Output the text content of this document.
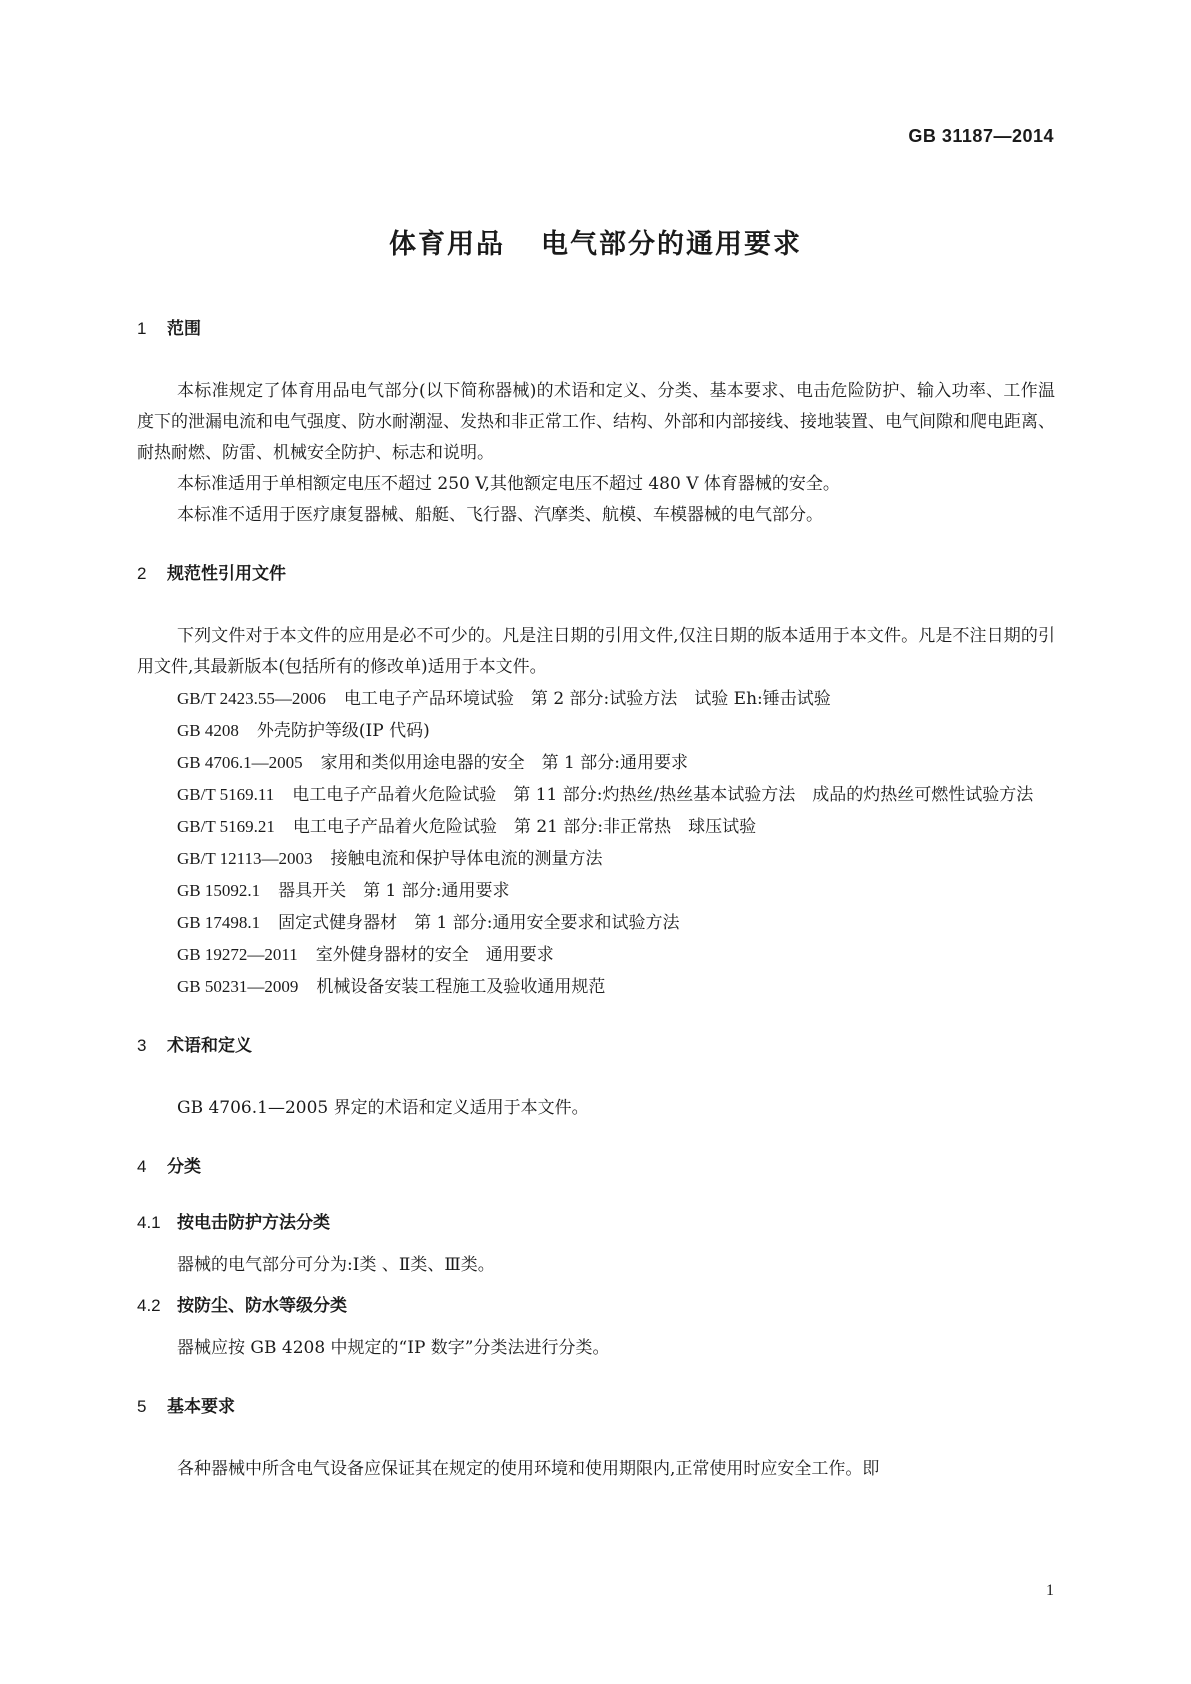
GB 31187—2014
体育用品 电气部分的通用要求
1 范围

本标准规定了体育用品电气部分(以下简称器械)的术语和定义、分类、基本要求、电击危险防护、输入功率、工作温度下的泄漏电流和电气强度、防水耐潮湿、发热和非正常工作、结构、外部和内部接线、接地装置、电气间隙和爬电距离、耐热耐燃、防雷、机械安全防护、标志和说明。

本标准适用于单相额定电压不超过 250 V,其他额定电压不超过 480 V 体育器械的安全。

本标准不适用于医疗康复器械、船艇、飞行器、汽摩类、航模、车模器械的电气部分。

2 规范性引用文件

下列文件对于本文件的应用是必不可少的。凡是注日期的引用文件,仅注日期的版本适用于本文件。凡是不注日期的引用文件,其最新版本(包括所有的修改单)适用于本文件。

GB/T 2423.55—2006 电工电子产品环境试验　第 2 部分:试验方法　试验 Eh:锤击试验
GB 4208 外壳防护等级(IP 代码)
GB 4706.1—2005 家用和类似用途电器的安全　第 1 部分:通用要求
GB/T 5169.11 电工电子产品着火危险试验　第 11 部分:灼热丝/热丝基本试验方法　成品的灼热丝可燃性试验方法
GB/T 5169.21 电工电子产品着火危险试验　第 21 部分:非正常热　球压试验
GB/T 12113—2003 接触电流和保护导体电流的测量方法
GB 15092.1 器具开关　第 1 部分:通用要求
GB 17498.1 固定式健身器材　第 1 部分:通用安全要求和试验方法
GB 19272—2011 室外健身器材的安全　通用要求
GB 50231—2009 机械设备安装工程施工及验收通用规范
3 术语和定义

GB 4706.1—2005 界定的术语和定义适用于本文件。

4 分类
4.1 按电击防护方法分类

器械的电气部分可分为:Ⅰ类 、Ⅱ类、Ⅲ类。

4.2 按防尘、防水等级分类

器械应按 GB 4208 中规定的“IP 数字”分类法进行分类。

5 基本要求

各种器械中所含电气设备应保证其在规定的使用环境和使用期限内,正常使用时应安全工作。即

1
